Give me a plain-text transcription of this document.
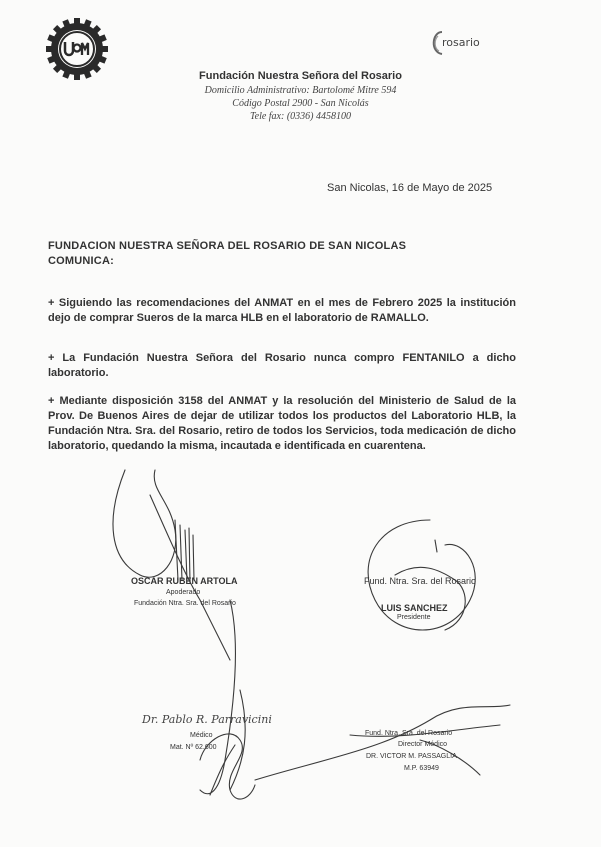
rosario
Fundación Nuestra Señora del Rosario
Domicilio Administrativo: Bartolomé Mitre 594
Código Postal 2900 - San Nicolás
Tele fax: (0336) 4458100
San Nicolas, 16 de Mayo de 2025
FUNDACION NUESTRA SEÑORA DEL ROSARIO DE SAN NICOLAS
COMUNICA:
+ Siguiendo las recomendaciones del ANMAT en el mes de Febrero 2025 la institución dejo de comprar Sueros de la marca HLB en el laboratorio de RAMALLO.
+ La Fundación Nuestra Señora del Rosario nunca compro FENTANILO a dicho laboratorio.
+ Mediante disposición 3158 del ANMAT y la resolución del Ministerio de Salud de la Prov. De Buenos Aires de dejar de utilizar todos los productos del Laboratorio HLB, la Fundación Ntra. Sra. del Rosario, retiro de todos los Servicios, toda medicación de dicho laboratorio, quedando la misma, incautada e identificada en cuarentena.
OSCAR RUBEN ARTOLA
Apoderado
Fundación Ntra. Sra. del Rosario
Fund. Ntra. Sra. del Rosario
LUIS SANCHEZ
Presidente
Dr. Pablo R. Parravicini
Médico
Mat. Nº 62.600
Fund. Ntra. Sra. del Rosario
Director Médico
DR. VICTOR M. PASSAGLIA
M.P. 63949
